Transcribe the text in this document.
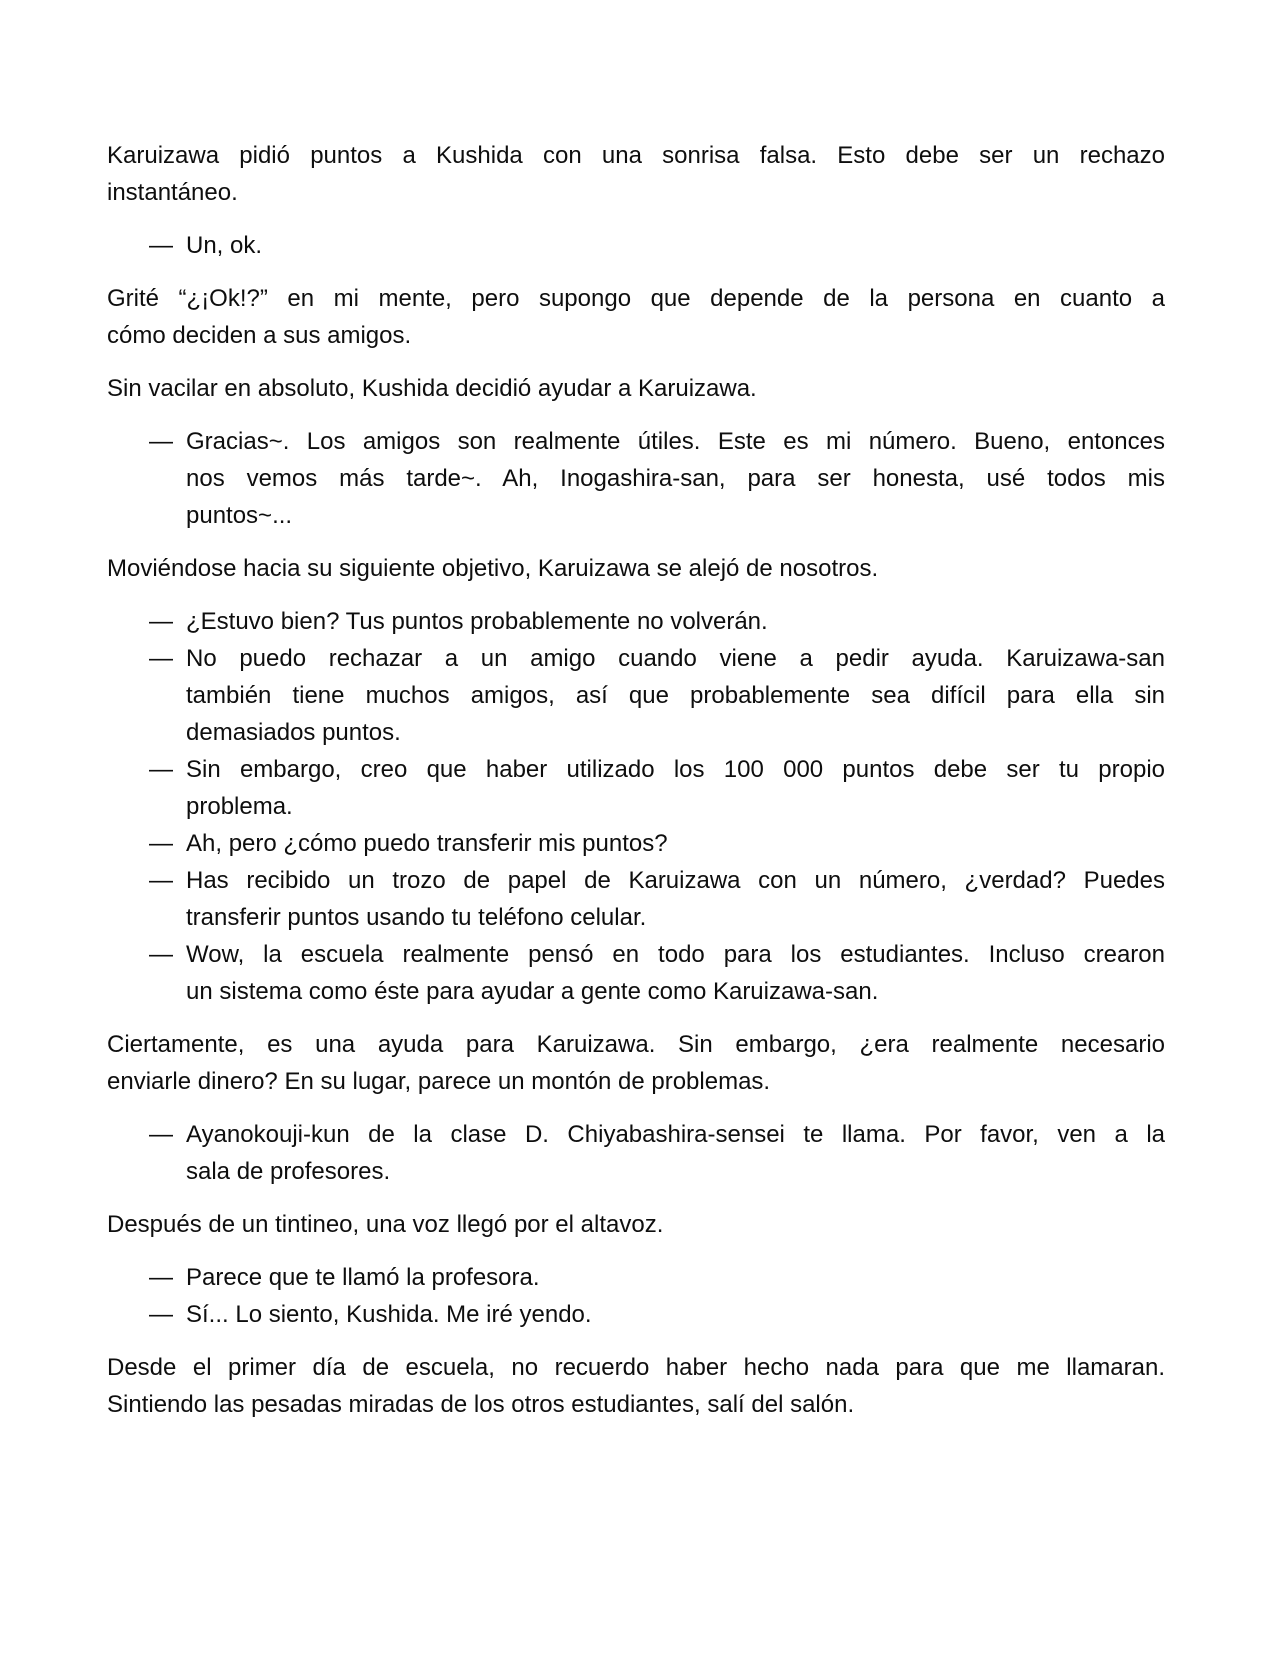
Karuizawa pidió puntos a Kushida con una sonrisa falsa. Esto debe ser un rechazo
instantáneo.
— Un, ok.
Grité “¿¡Ok!?” en mi mente, pero supongo que depende de la persona en cuanto a
cómo deciden a sus amigos.
Sin vacilar en absoluto, Kushida decidió ayudar a Karuizawa.
— Gracias~. Los amigos son realmente útiles. Este es mi número. Bueno, entonces
nos vemos más tarde~. Ah, Inogashira-san, para ser honesta, usé todos mis
puntos~...
Moviéndose hacia su siguiente objetivo, Karuizawa se alejó de nosotros.
— ¿Estuvo bien? Tus puntos probablemente no volverán.
— No puedo rechazar a un amigo cuando viene a pedir ayuda. Karuizawa-san
también tiene muchos amigos, así que probablemente sea difícil para ella sin
demasiados puntos.
— Sin embargo, creo que haber utilizado los 100 000 puntos debe ser tu propio
problema.
— Ah, pero ¿cómo puedo transferir mis puntos?
— Has recibido un trozo de papel de Karuizawa con un número, ¿verdad? Puedes
transferir puntos usando tu teléfono celular.
— Wow, la escuela realmente pensó en todo para los estudiantes. Incluso crearon
un sistema como éste para ayudar a gente como Karuizawa-san.
Ciertamente, es una ayuda para Karuizawa. Sin embargo, ¿era realmente necesario
enviarle dinero? En su lugar, parece un montón de problemas.
— Ayanokouji-kun de la clase D. Chiyabashira-sensei te llama. Por favor, ven a la
sala de profesores.
Después de un tintineo, una voz llegó por el altavoz.
— Parece que te llamó la profesora.
— Sí... Lo siento, Kushida. Me iré yendo.
Desde el primer día de escuela, no recuerdo haber hecho nada para que me llamaran.
Sintiendo las pesadas miradas de los otros estudiantes, salí del salón.
